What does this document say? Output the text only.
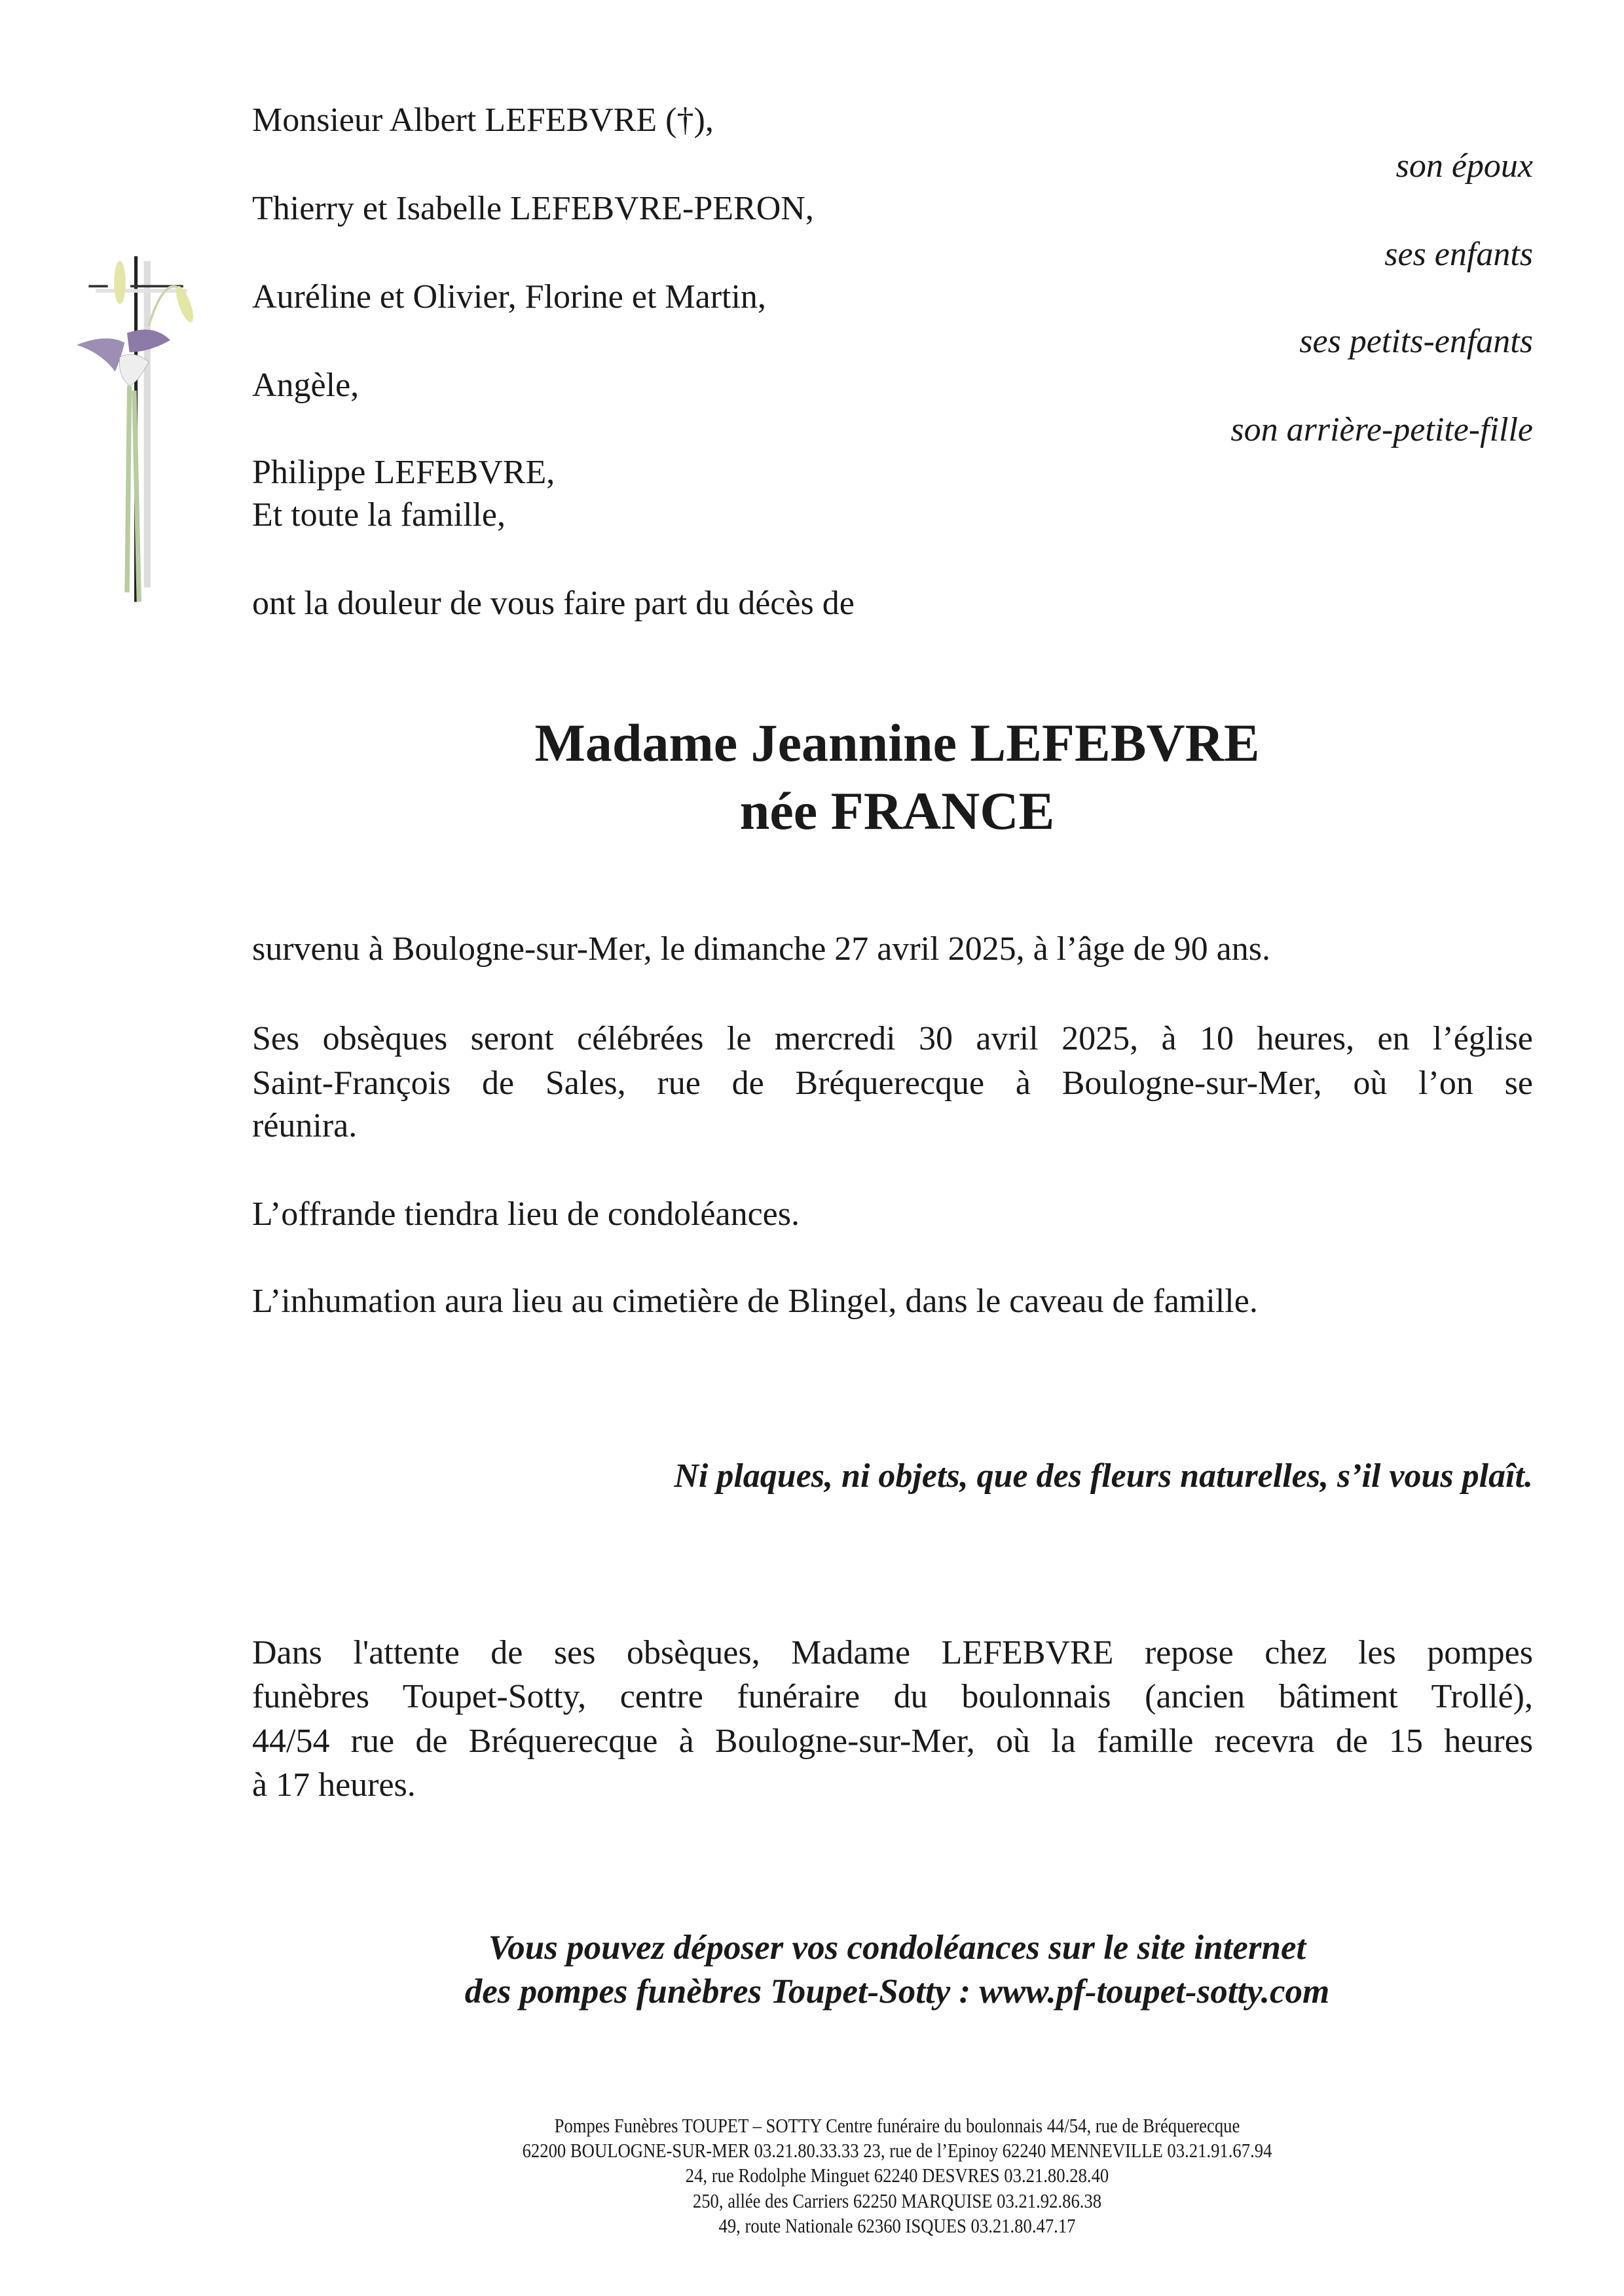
Monsieur Albert LEFEBVRE (†),
son époux
Thierry et Isabelle LEFEBVRE-PERON,
ses enfants
Auréline et Olivier, Florine et Martin,
ses petits-enfants
Angèle,
son arrière-petite-fille
Philippe LEFEBVRE,
Et toute la famille,
ont la douleur de vous faire part du décès de
Madame Jeannine LEFEBVRE
née FRANCE
survenu à Boulogne-sur-Mer, le dimanche 27 avril 2025, à l’âge de 90 ans.
Ses obsèques seront célébrées le mercredi 30 avril 2025, à 10 heures, en l’église
Saint-François de Sales, rue de Bréquerecque à Boulogne-sur-Mer, où l’on se
réunira.
L’offrande tiendra lieu de condoléances.
L’inhumation aura lieu au cimetière de Blingel, dans le caveau de famille.
Ni plaques, ni objets, que des fleurs naturelles, s’il vous plaît.
Dans l'attente de ses obsèques, Madame LEFEBVRE repose chez les pompes
funèbres Toupet-Sotty, centre funéraire du boulonnais (ancien bâtiment Trollé),
44/54 rue de Bréquerecque à Boulogne-sur-Mer, où la famille recevra de 15 heures
à 17 heures.
Vous pouvez déposer vos condoléances sur le site internet
des pompes funèbres Toupet-Sotty : www.pf-toupet-sotty.com
Pompes Funèbres TOUPET – SOTTY Centre funéraire du boulonnais 44/54, rue de Bréquerecque
62200 BOULOGNE-SUR-MER 03.21.80.33.33 23, rue de l’Epinoy 62240 MENNEVILLE 03.21.91.67.94
24, rue Rodolphe Minguet 62240 DESVRES 03.21.80.28.40
250, allée des Carriers 62250 MARQUISE 03.21.92.86.38
49, route Nationale 62360 ISQUES 03.21.80.47.17
